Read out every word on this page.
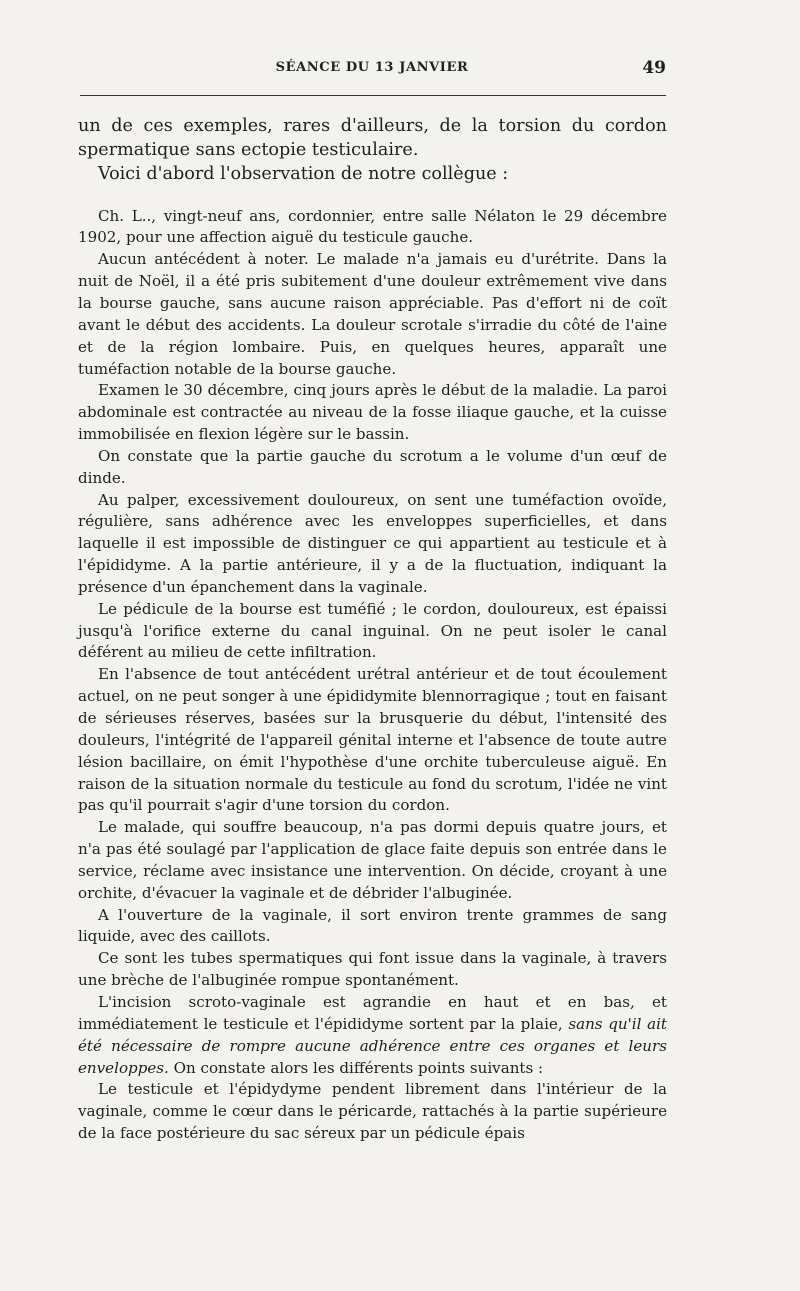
SÉANCE DU 13 JANVIER	49

un de ces exemples, rares d'ailleurs, de la torsion du cordon spermatique sans ectopie testiculaire.

Voici d'abord l'observation de notre collègue :

Ch. L.., vingt-neuf ans, cordonnier, entre salle Nélaton le 29 décembre 1902, pour une affection aiguë du testicule gauche.

Aucun antécédent à noter. Le malade n'a jamais eu d'urétrite. Dans la nuit de Noël, il a été pris subitement d'une douleur extrêmement vive dans la bourse gauche, sans aucune raison appréciable. Pas d'effort ni de coït avant le début des accidents. La douleur scrotale s'irradie du côté de l'aine et de la région lombaire. Puis, en quelques heures, apparaît une tuméfaction notable de la bourse gauche.

Examen le 30 décembre, cinq jours après le début de la maladie. La paroi abdominale est contractée au niveau de la fosse iliaque gauche, et la cuisse immobilisée en flexion légère sur le bassin.

On constate que la partie gauche du scrotum a le volume d'un œuf de dinde.

Au palper, excessivement douloureux, on sent une tuméfaction ovoïde, régulière, sans adhérence avec les enveloppes superficielles, et dans laquelle il est impossible de distinguer ce qui appartient au testicule et à l'épididyme. A la partie antérieure, il y a de la fluctuation, indiquant la présence d'un épanchement dans la vaginale.

Le pédicule de la bourse est tuméfié ; le cordon, douloureux, est épaissi jusqu'à l'orifice externe du canal inguinal. On ne peut isoler le canal déférent au milieu de cette infiltration.

En l'absence de tout antécédent urétral antérieur et de tout écoulement actuel, on ne peut songer à une épididymite blennorragique ; tout en faisant de sérieuses réserves, basées sur la brusquerie du début, l'intensité des douleurs, l'intégrité de l'appareil génital interne et l'absence de toute autre lésion bacillaire, on émit l'hypothèse d'une orchite tuberculeuse aiguë. En raison de la situation normale du testicule au fond du scrotum, l'idée ne vint pas qu'il pourrait s'agir d'une torsion du cordon.

Le malade, qui souffre beaucoup, n'a pas dormi depuis quatre jours, et n'a pas été soulagé par l'application de glace faite depuis son entrée dans le service, réclame avec insistance une intervention. On décide, croyant à une orchite, d'évacuer la vaginale et de débrider l'albuginée.

A l'ouverture de la vaginale, il sort environ trente grammes de sang liquide, avec des caillots.

Ce sont les tubes spermatiques qui font issue dans la vaginale, à travers une brèche de l'albuginée rompue spontanément.

L'incision scroto-vaginale est agrandie en haut et en bas, et immédiatement le testicule et l'épididyme sortent par la plaie, sans qu'il ait été nécessaire de rompre aucune adhérence entre ces organes et leurs enveloppes. On constate alors les différents points suivants :

Le testicule et l'épidydyme pendent librement dans l'intérieur de la vaginale, comme le cœur dans le péricarde, rattachés à la partie supérieure de la face postérieure du sac séreux par un pédicule épais
